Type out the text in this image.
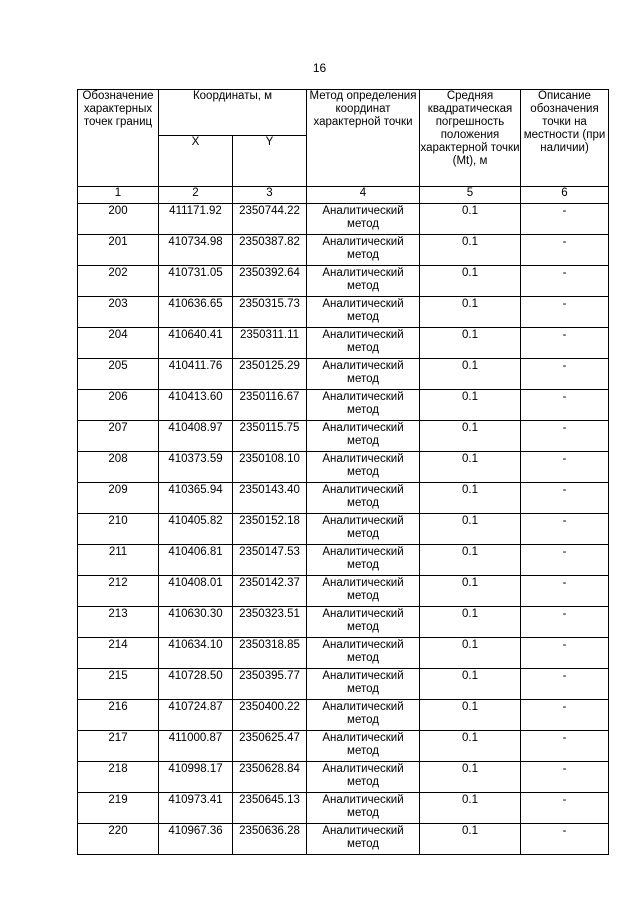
16
Обозначение характерных точек границ	Координаты, м		Метод определения координат характерной точки	Средняя квадратическая погрешность положения характерной точки (Mt), м	Описание обозначения точки на местности (при наличии)
	X	Y			
1	2	3	4	5	6
200	411171.92	2350744.22	Аналитический метод	0.1	-
201	410734.98	2350387.82	Аналитический метод	0.1	-
202	410731.05	2350392.64	Аналитический метод	0.1	-
203	410636.65	2350315.73	Аналитический метод	0.1	-
204	410640.41	2350311.11	Аналитический метод	0.1	-
205	410411.76	2350125.29	Аналитический метод	0.1	-
206	410413.60	2350116.67	Аналитический метод	0.1	-
207	410408.97	2350115.75	Аналитический метод	0.1	-
208	410373.59	2350108.10	Аналитический метод	0.1	-
209	410365.94	2350143.40	Аналитический метод	0.1	-
210	410405.82	2350152.18	Аналитический метод	0.1	-
211	410406.81	2350147.53	Аналитический метод	0.1	-
212	410408.01	2350142.37	Аналитический метод	0.1	-
213	410630.30	2350323.51	Аналитический метод	0.1	-
214	410634.10	2350318.85	Аналитический метод	0.1	-
215	410728.50	2350395.77	Аналитический метод	0.1	-
216	410724.87	2350400.22	Аналитический метод	0.1	-
217	411000.87	2350625.47	Аналитический метод	0.1	-
218	410998.17	2350628.84	Аналитический метод	0.1	-
219	410973.41	2350645.13	Аналитический метод	0.1	-
220	410967.36	2350636.28	Аналитический метод	0.1	-
